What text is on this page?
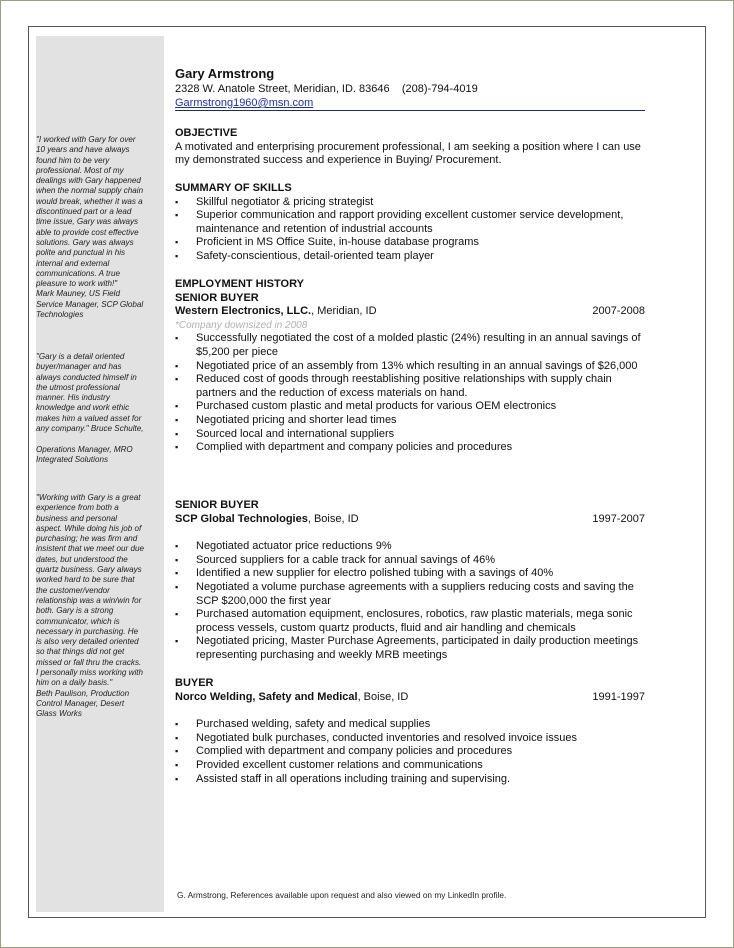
"I worked with Gary for over

10 years and have always

found him to be very

professional. Most of my

dealings with Gary happened

when the normal supply chain

would break, whether it was a

discontinued part or a lead

time issue, Gary was always

able to provide cost effective

solutions. Gary was always

polite and punctual in his

internal and external

communications. A true

pleasure to work with!"

Mark Mauney, US Field

Service Manager, SCP Global

Technologies

"Gary is a detail oriented

buyer/manager and has

always conducted himself in

the utmost professional

manner. His industry

knowledge and work ethic

makes him a valued asset for

any company." Bruce Schulte,

Operations Manager, MRO

Integrated Solutions

"Working with Gary is a great

experience from both a

business and personal

aspect. While doing his job of

purchasing; he was firm and

insistent that we meet our due

dates, but understood the

quartz business. Gary always

worked hard to be sure that

the customer/vendor

relationship was a win/win for

both. Gary is a strong

communicator, which is

necessary in purchasing. He

is also very detailed oriented

so that things did not get

missed or fall thru the cracks.

I personally miss working with

him on a daily basis."

Beth Paulison, Production

Control Manager, Desert

Glass Works

Gary Armstrong
2328 W. Anatole Street, Meridian, ID. 83646    (208)-794-4019
Garmstrong1960@msn.com
OBJECTIVE
A motivated and enterprising procurement professional, I am seeking a position where I can use my demonstrated success and experience in Buying/ Procurement.
SUMMARY OF SKILLS
▪ Skillful negotiator & pricing strategist
▪ Superior communication and rapport providing excellent customer service development, maintenance and retention of industrial accounts
▪ Proficient in MS Office Suite, in-house database programs
▪ Safety-conscientious, detail-oriented team player
EMPLOYMENT HISTORY
SENIOR BUYER
Western Electronics, LLC., Meridian, ID	2007-2008
*Company downsized in 2008
▪ Successfully negotiated the cost of a molded plastic (24%) resulting in an annual savings of $5,200 per piece
▪ Negotiated price of an assembly from 13% which resulting in an annual savings of $26,000
▪ Reduced cost of goods through reestablishing positive relationships with supply chain partners and the reduction of excess materials on hand.
▪ Purchased custom plastic and metal products for various OEM electronics
▪ Negotiated pricing and shorter lead times
▪ Sourced local and international suppliers
▪ Complied with department and company policies and procedures
SENIOR BUYER
SCP Global Technologies, Boise, ID	1997-2007
▪ Negotiated actuator price reductions 9%
▪ Sourced suppliers for a cable track for annual savings of 46%
▪ Identified a new supplier for electro polished tubing with a savings of 40%
▪ Negotiated a volume purchase agreements with a suppliers reducing costs and saving the SCP $200,000 the first year
▪ Purchased automation equipment, enclosures, robotics, raw plastic materials, mega sonic process vessels, custom quartz products, fluid and air handling and chemicals
▪ Negotiated pricing, Master Purchase Agreements, participated in daily production meetings representing purchasing and weekly MRB meetings
BUYER
Norco Welding, Safety and Medical, Boise, ID	1991-1997
▪ Purchased welding, safety and medical supplies
▪ Negotiated bulk purchases, conducted inventories and resolved invoice issues
▪ Complied with department and company policies and procedures
▪ Provided excellent customer relations and communications
▪ Assisted staff in all operations including training and supervising.
G. Armstrong, References available upon request and also viewed on my LinkedIn profile.
